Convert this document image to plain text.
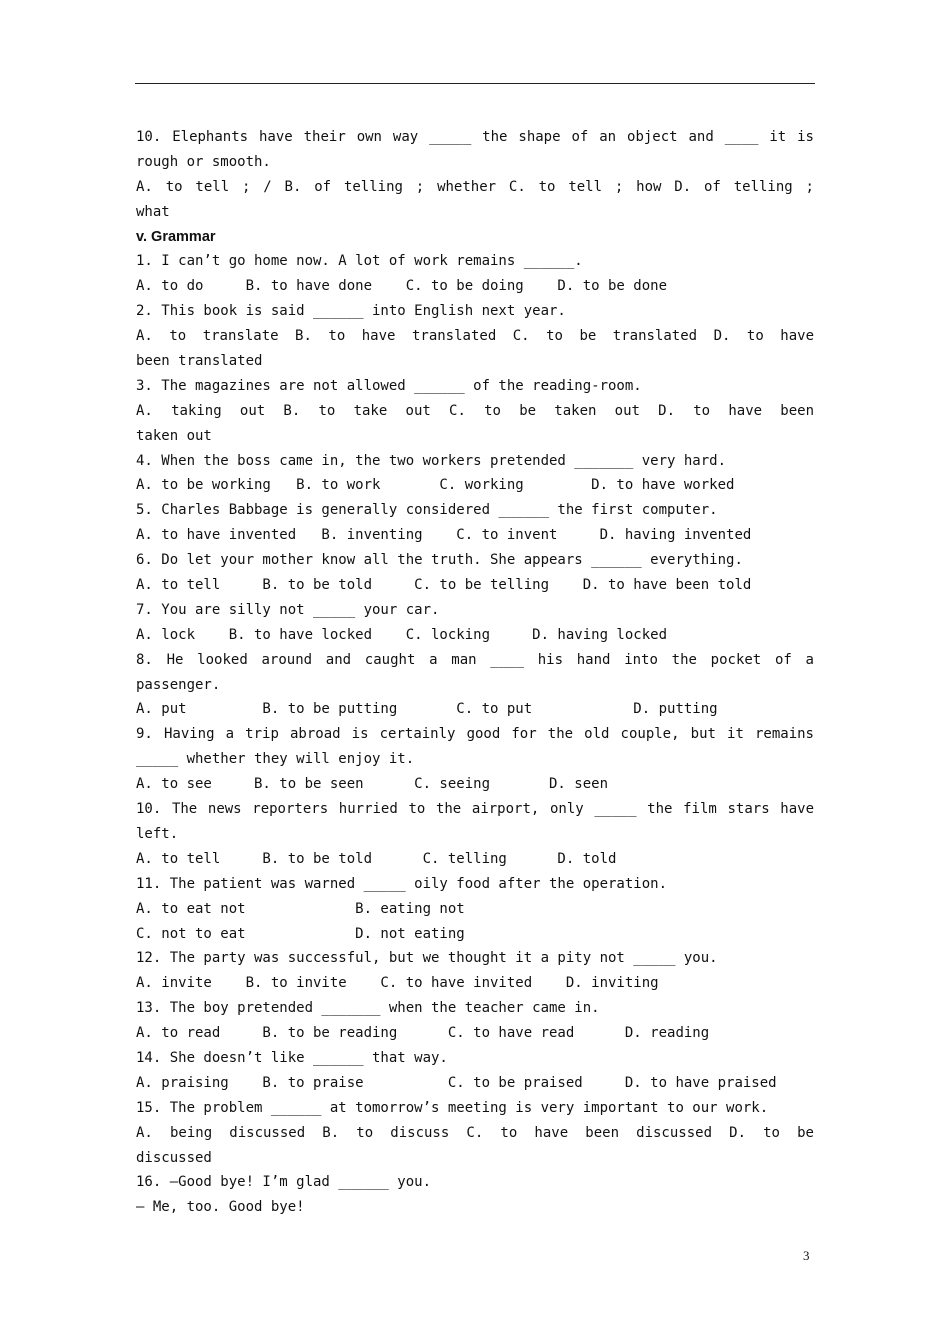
10. Elephants have their own way _____ the shape of an object and ____ it is
rough or smooth.
A. to tell ; / B. of telling ; whether C. to tell ; how D. of telling ;
what
v. Grammar
1. I can’t go home now. A lot of work remains ______.
A. to do     B. to have done    C. to be doing    D. to be done
2. This book is said ______ into English next year.
A. to translate B. to have translated C. to be translated D. to have
been translated
3. The magazines are not allowed ______ of the reading-room.
A. taking out B. to take out C. to be taken out D. to have been
taken out
4. When the boss came in, the two workers pretended _______ very hard.
A. to be working   B. to work       C. working        D. to have worked
5. Charles Babbage is generally considered ______ the first computer.
A. to have invented   B. inventing    C. to invent     D. having invented
6. Do let your mother know all the truth. She appears ______ everything.
A. to tell     B. to be told     C. to be telling    D. to have been told
7. You are silly not _____ your car.
A. lock    B. to have locked    C. locking     D. having locked
8. He looked around and caught a man ____ his hand into the pocket of a
passenger.
A. put         B. to be putting       C. to put            D. putting
9. Having a trip abroad is certainly good for the old couple, but it remains
_____ whether they will enjoy it.
A. to see     B. to be seen      C. seeing       D. seen
10. The news reporters hurried to the airport, only _____ the film stars have
left.
A. to tell     B. to be told      C. telling      D. told
11. The patient was warned _____ oily food after the operation.
A. to eat not             B. eating not
C. not to eat             D. not eating
12. The party was successful, but we thought it a pity not _____ you.
A. invite    B. to invite    C. to have invited    D. inviting
13. The boy pretended _______ when the teacher came in.
A. to read     B. to be reading      C. to have read      D. reading
14. She doesn’t like ______ that way.
A. praising    B. to praise          C. to be praised     D. to have praised
15. The problem ______ at tomorrow’s meeting is very important to our work.
A. being discussed B. to discuss C. to have been discussed D. to be
discussed
16. —Good bye! I’m glad ______ you.
— Me, too. Good bye!
3
